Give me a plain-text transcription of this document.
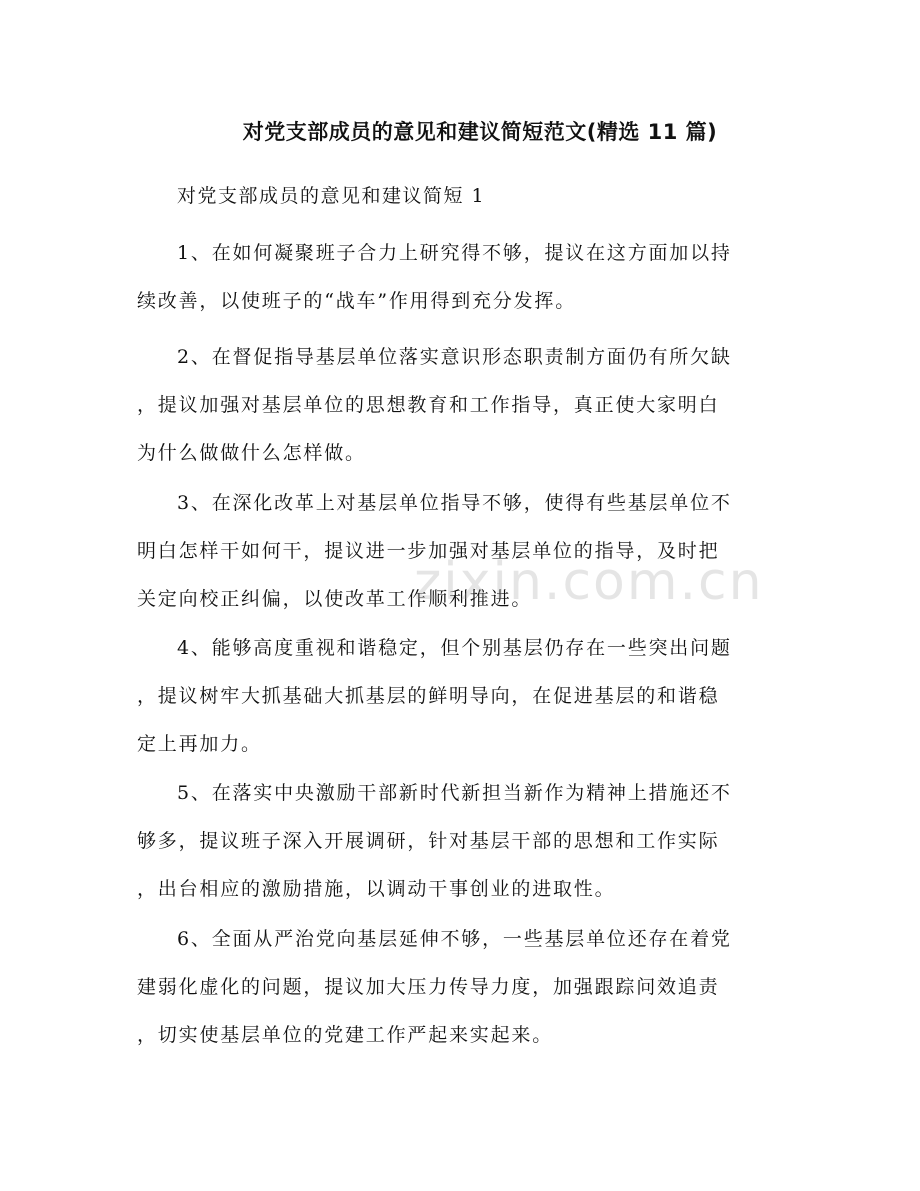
对党支部成员的意见和建议简短范文(精选 11 篇)

对党支部成员的意见和建议简短 1

1、在如何凝聚班子合力上研究得不够，提议在这方面加以持
续改善，以使班子的“战车”作用得到充分发挥。
2、在督促指导基层单位落实意识形态职责制方面仍有所欠缺
，提议加强对基层单位的思想教育和工作指导，真正使大家明白
为什么做做什么怎样做。
3、在深化改革上对基层单位指导不够，使得有些基层单位不
明白怎样干如何干，提议进一步加强对基层单位的指导，及时把
关定向校正纠偏，以使改革工作顺利推进。
4、能够高度重视和谐稳定，但个别基层仍存在一些突出问题
，提议树牢大抓基础大抓基层的鲜明导向，在促进基层的和谐稳
定上再加力。
5、在落实中央激励干部新时代新担当新作为精神上措施还不
够多，提议班子深入开展调研，针对基层干部的思想和工作实际
，出台相应的激励措施，以调动干事创业的进取性。
6、全面从严治党向基层延伸不够，一些基层单位还存在着党
建弱化虚化的问题，提议加大压力传导力度，加强跟踪问效追责
，切实使基层单位的党建工作严起来实起来。
zixin.com.cn
